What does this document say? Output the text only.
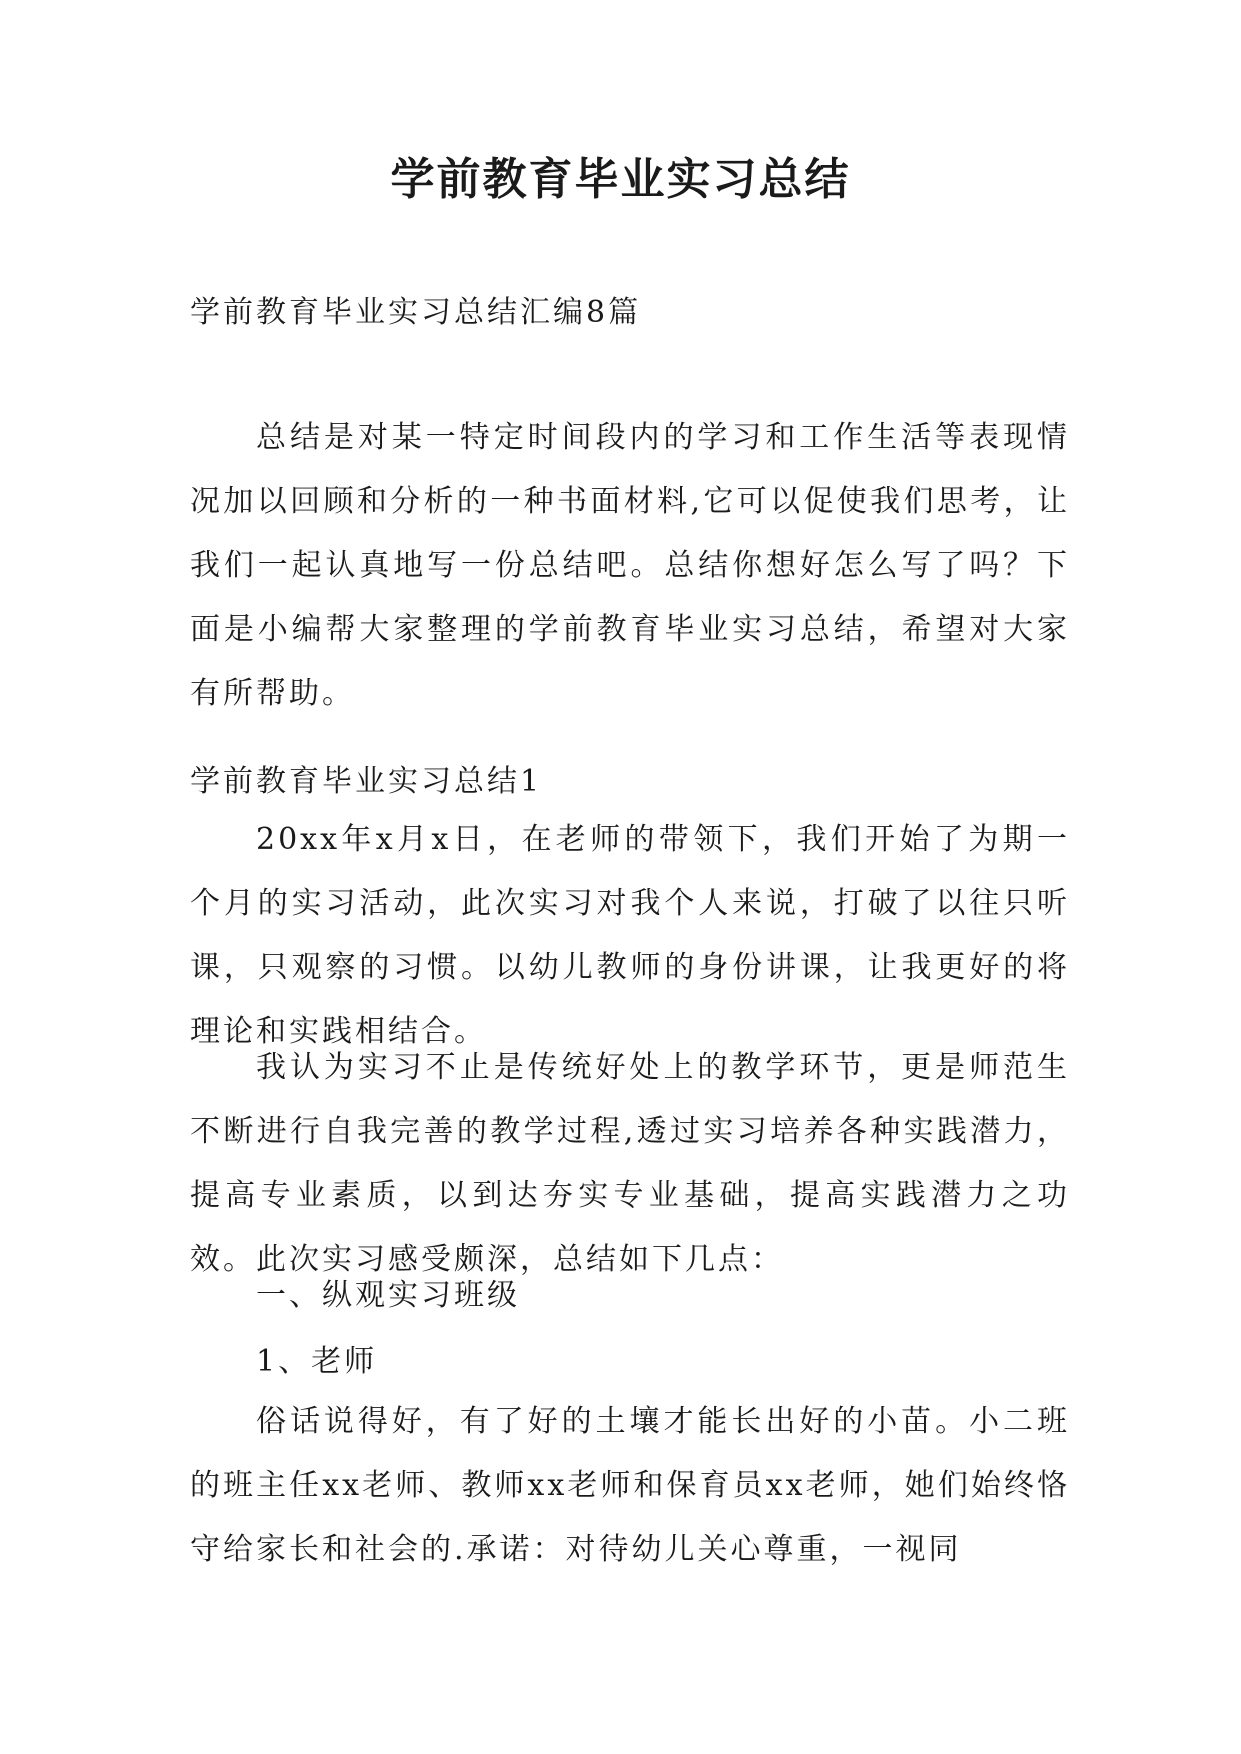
学前教育毕业实习总结
学前教育毕业实习总结汇编8篇
总结是对某一特定时间段内的学习和工作生活等表现情况加以回顾和分析的一种书面材料,它可以促使我们思考，让我们一起认真地写一份总结吧。总结你想好怎么写了吗？下面是小编帮大家整理的学前教育毕业实习总结，希望对大家有所帮助。
学前教育毕业实习总结1
20xx年x月x日，在老师的带领下，我们开始了为期一个月的实习活动，此次实习对我个人来说，打破了以往只听课，只观察的习惯。以幼儿教师的身份讲课，让我更好的将理论和实践相结合。
我认为实习不止是传统好处上的教学环节，更是师范生不断进行自我完善的教学过程,透过实习培养各种实践潜力，提高专业素质，以到达夯实专业基础，提高实践潜力之功效。此次实习感受颇深，总结如下几点：
一、纵观实习班级
1、老师
俗话说得好，有了好的土壤才能长出好的小苗。小二班的班主任xx老师、教师xx老师和保育员xx老师，她们始终恪守给家长和社会的.承诺：对待幼儿关心尊重，一视同
